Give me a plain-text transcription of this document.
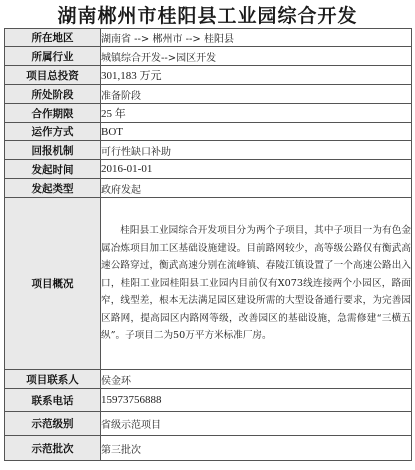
湖南郴州市桂阳县工业园综合开发
所在地区	湖南省 --> 郴州市 --> 桂阳县
所属行业	城镇综合开发-->园区开发
项目总投资	301,183 万元
所处阶段	准备阶段
合作期限	25 年
运作方式	BOT
回报机制	可行性缺口补助
发起时间	2016-01-01
发起类型	政府发起
项目概况	桂阳县工业园综合开发项目分为两个子项目，其中子项目一为有色金属冶炼项目加工区基础设施建设。目前路网较少，高等级公路仅有衡武高速公路穿过，衡武高速分别在流峰镇、春陵江镇设置了一个高速公路出入口，桂阳工业园桂阳县工业园内目前仅有X073线连接两个小园区，路面窄，线型差，根本无法满足园区建设所需的大型设备通行要求，为完善园区路网，提高园区内路网等级，改善园区的基础设施，急需修建“三横五纵”。子项目二为50万平方米标准厂房。
项目联系人	侯金环
联系电话	15973756888
示范级别	省级示范项目
示范批次	第三批次
